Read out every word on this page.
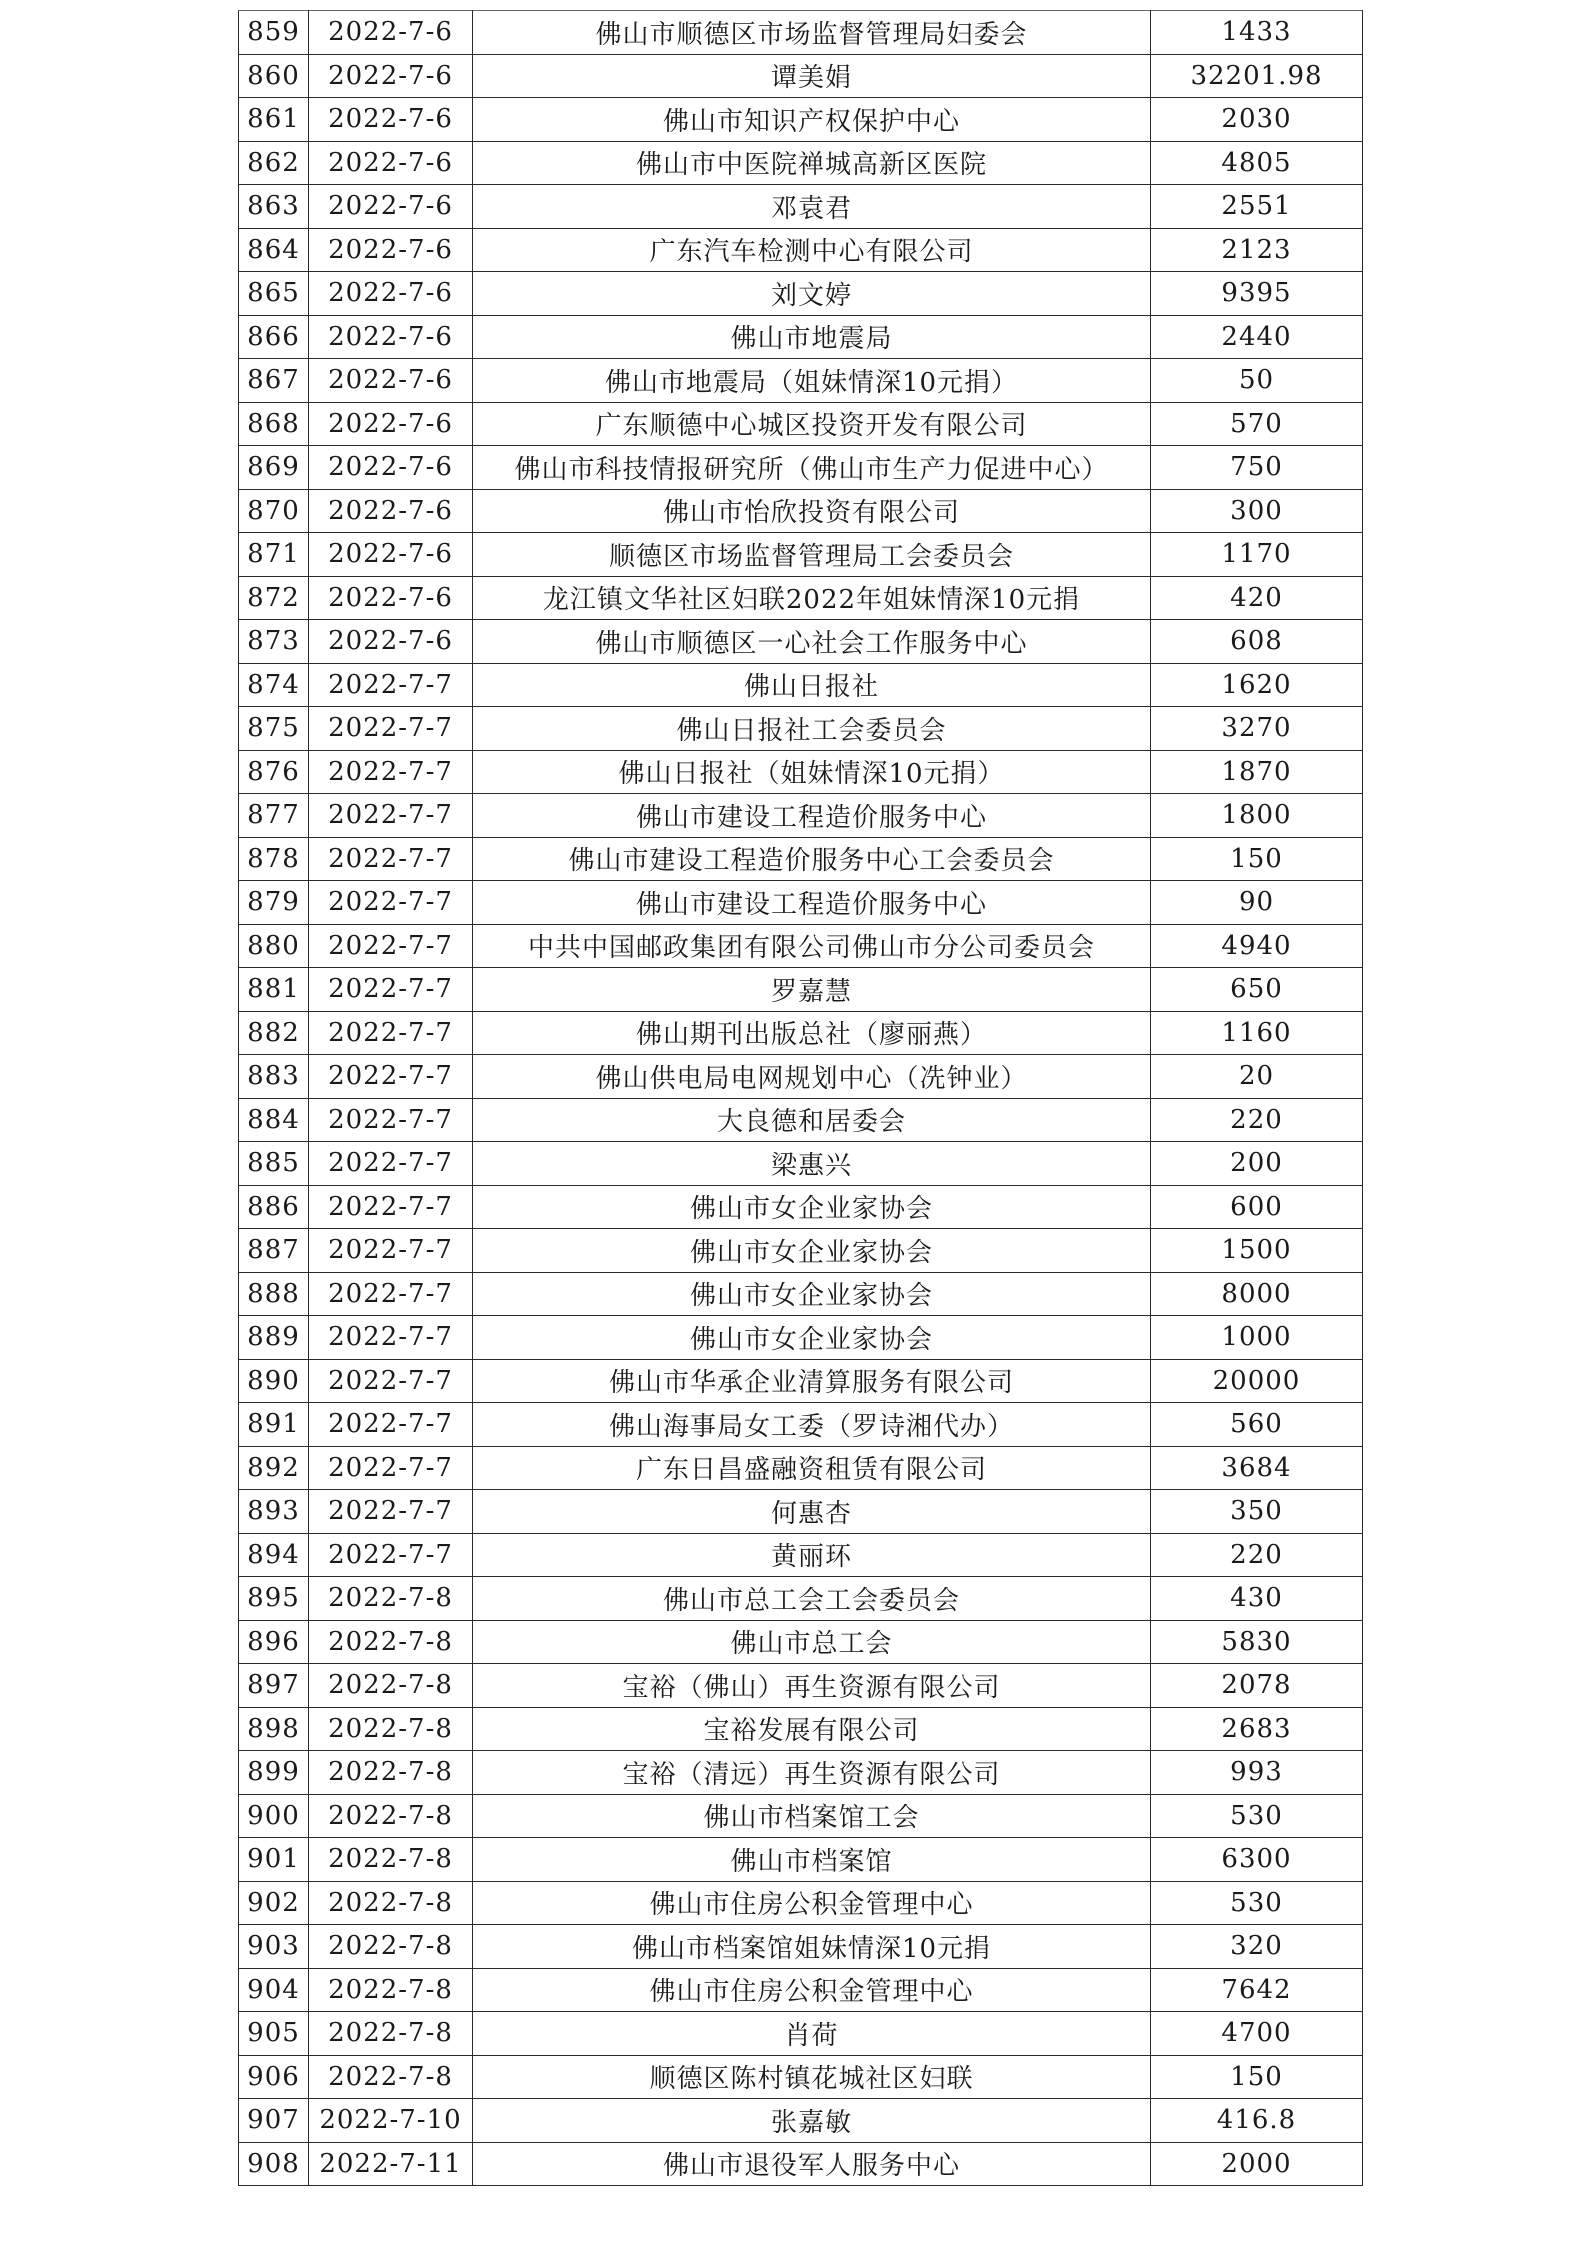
859	2022-7-6	佛山市顺德区市场监督管理局妇委会	1433
860	2022-7-6	谭美娟	32201.98
861	2022-7-6	佛山市知识产权保护中心	2030
862	2022-7-6	佛山市中医院禅城高新区医院	4805
863	2022-7-6	邓袁君	2551
864	2022-7-6	广东汽车检测中心有限公司	2123
865	2022-7-6	刘文婷	9395
866	2022-7-6	佛山市地震局	2440
867	2022-7-6	佛山市地震局（姐妹情深10元捐）	50
868	2022-7-6	广东顺德中心城区投资开发有限公司	570
869	2022-7-6	佛山市科技情报研究所（佛山市生产力促进中心）	750
870	2022-7-6	佛山市怡欣投资有限公司	300
871	2022-7-6	顺德区市场监督管理局工会委员会	1170
872	2022-7-6	龙江镇文华社区妇联2022年姐妹情深10元捐	420
873	2022-7-6	佛山市顺德区一心社会工作服务中心	608
874	2022-7-7	佛山日报社	1620
875	2022-7-7	佛山日报社工会委员会	3270
876	2022-7-7	佛山日报社（姐妹情深10元捐）	1870
877	2022-7-7	佛山市建设工程造价服务中心	1800
878	2022-7-7	佛山市建设工程造价服务中心工会委员会	150
879	2022-7-7	佛山市建设工程造价服务中心	90
880	2022-7-7	中共中国邮政集团有限公司佛山市分公司委员会	4940
881	2022-7-7	罗嘉慧	650
882	2022-7-7	佛山期刊出版总社（廖丽燕）	1160
883	2022-7-7	佛山供电局电网规划中心（冼钟业）	20
884	2022-7-7	大良德和居委会	220
885	2022-7-7	梁惠兴	200
886	2022-7-7	佛山市女企业家协会	600
887	2022-7-7	佛山市女企业家协会	1500
888	2022-7-7	佛山市女企业家协会	8000
889	2022-7-7	佛山市女企业家协会	1000
890	2022-7-7	佛山市华承企业清算服务有限公司	20000
891	2022-7-7	佛山海事局女工委（罗诗湘代办）	560
892	2022-7-7	广东日昌盛融资租赁有限公司	3684
893	2022-7-7	何惠杏	350
894	2022-7-7	黄丽环	220
895	2022-7-8	佛山市总工会工会委员会	430
896	2022-7-8	佛山市总工会	5830
897	2022-7-8	宝裕（佛山）再生资源有限公司	2078
898	2022-7-8	宝裕发展有限公司	2683
899	2022-7-8	宝裕（清远）再生资源有限公司	993
900	2022-7-8	佛山市档案馆工会	530
901	2022-7-8	佛山市档案馆	6300
902	2022-7-8	佛山市住房公积金管理中心	530
903	2022-7-8	佛山市档案馆姐妹情深10元捐	320
904	2022-7-8	佛山市住房公积金管理中心	7642
905	2022-7-8	肖荷	4700
906	2022-7-8	顺德区陈村镇花城社区妇联	150
907	2022-7-10	张嘉敏	416.8
908	2022-7-11	佛山市退役军人服务中心	2000
